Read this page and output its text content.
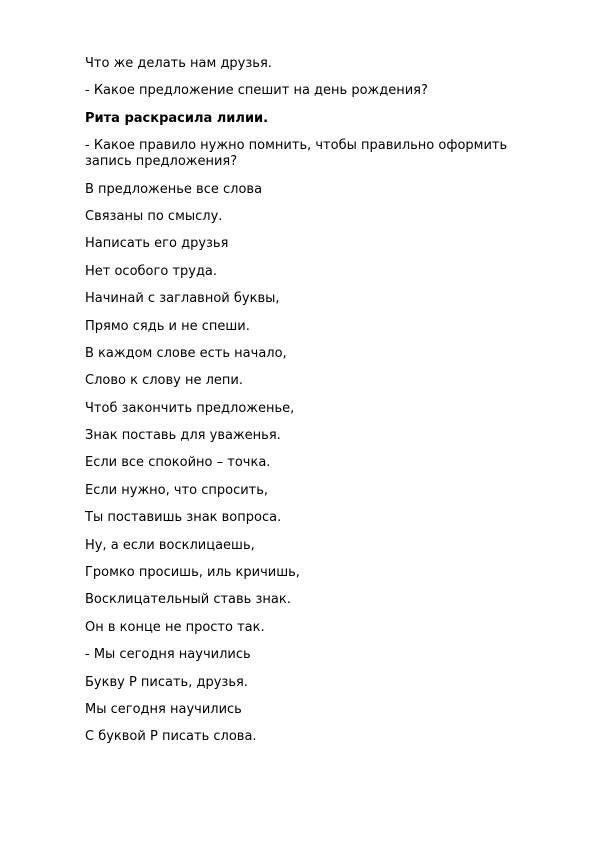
Что же делать нам друзья.

- Какое предложение спешит на день рождения?

Рита раскрасила лилии.

- Какое правило нужно помнить, чтобы правильно оформить запись предложения?

В предложенье все слова

Связаны по смыслу.

Написать его друзья

Нет особого труда.

Начинай с заглавной буквы,

Прямо сядь и не спеши.

В каждом слове есть начало,

Слово к слову не лепи.

Чтоб закончить предложенье,

Знак поставь для уваженья.

Если все спокойно – точка.

Если нужно, что спросить,

Ты поставишь знак вопроса.

Ну, а если восклицаешь,

Громко просишь, иль кричишь,

Восклицательный ставь знак.

Он в конце не просто так.

- Мы сегодня научились

Букву Р писать, друзья.

Мы сегодня научились

С буквой Р писать слова.
